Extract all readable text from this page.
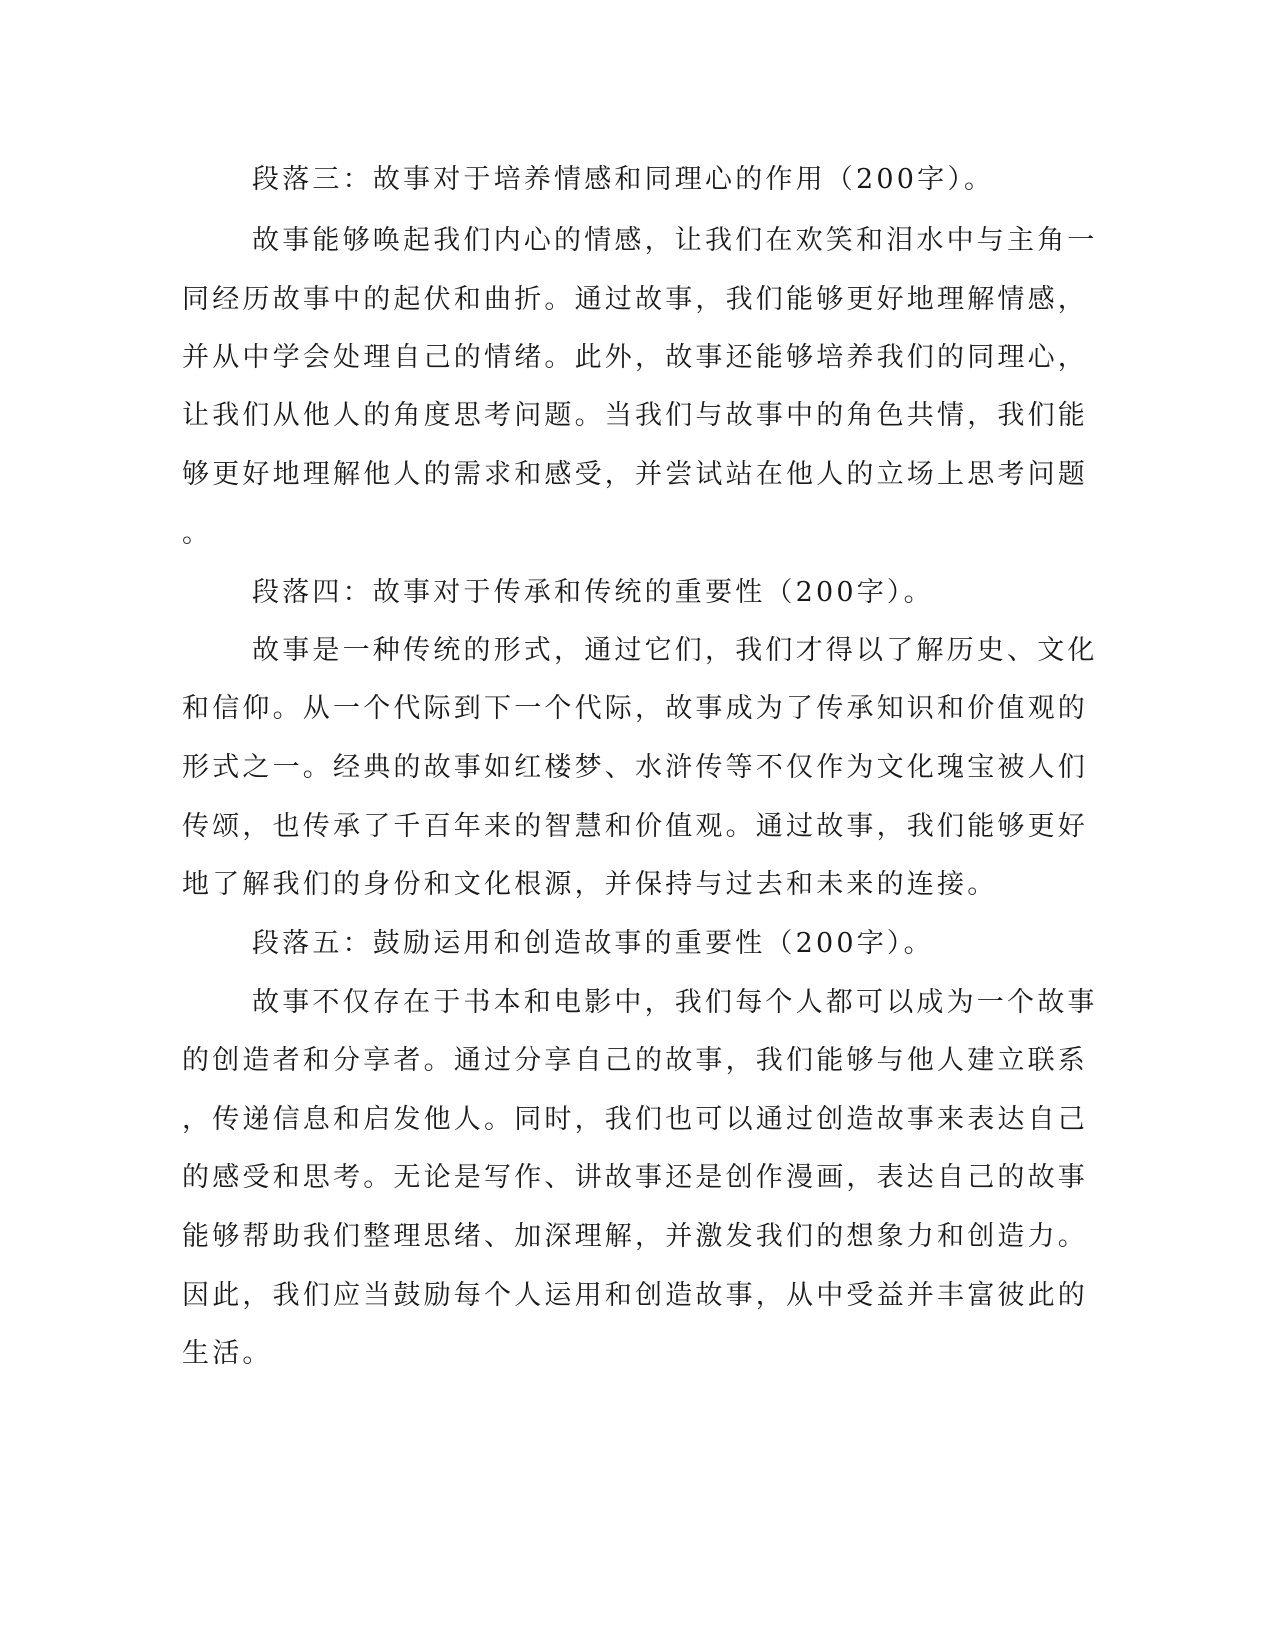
段落三：故事对于培养情感和同理心的作用（200字）。
故事能够唤起我们内心的情感，让我们在欢笑和泪水中与主角一
同经历故事中的起伏和曲折。通过故事，我们能够更好地理解情感，
并从中学会处理自己的情绪。此外，故事还能够培养我们的同理心，
让我们从他人的角度思考问题。当我们与故事中的角色共情，我们能
够更好地理解他人的需求和感受，并尝试站在他人的立场上思考问题
。
段落四：故事对于传承和传统的重要性（200字）。
故事是一种传统的形式，通过它们，我们才得以了解历史、文化
和信仰。从一个代际到下一个代际，故事成为了传承知识和价值观的
形式之一。经典的故事如红楼梦、水浒传等不仅作为文化瑰宝被人们
传颂，也传承了千百年来的智慧和价值观。通过故事，我们能够更好
地了解我们的身份和文化根源，并保持与过去和未来的连接。
段落五：鼓励运用和创造故事的重要性（200字）。
故事不仅存在于书本和电影中，我们每个人都可以成为一个故事
的创造者和分享者。通过分享自己的故事，我们能够与他人建立联系
，传递信息和启发他人。同时，我们也可以通过创造故事来表达自己
的感受和思考。无论是写作、讲故事还是创作漫画，表达自己的故事
能够帮助我们整理思绪、加深理解，并激发我们的想象力和创造力。
因此，我们应当鼓励每个人运用和创造故事，从中受益并丰富彼此的
生活。
